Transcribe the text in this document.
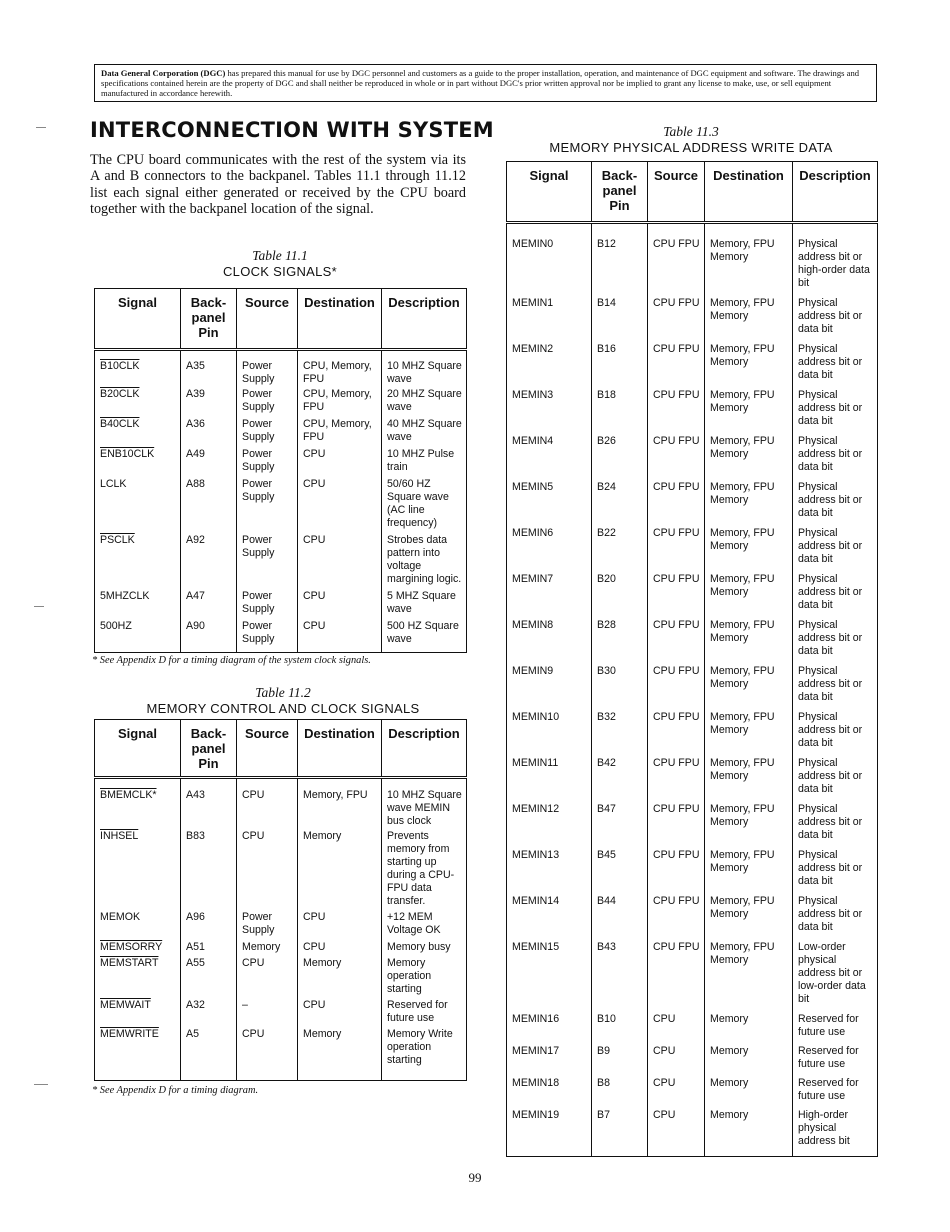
Data General Corporation (DGC) has prepared this manual for use by DGC personnel and customers as a guide to the proper installation, operation, and maintenance of DGC equipment and software. The drawings and specifications contained herein are the property of DGC and shall neither be reproduced in whole or in part without DGC's prior written approval nor be implied to grant any license to make, use, or sell equipment manufactured in accordance herewith.
INTERCONNECTION WITH SYSTEM

The CPU board communicates with the rest of the system via its A and B connectors to the backpanel. Tables 11.1 through 11.12 list each signal either generated or received by the CPU board together with the backpanel location of the signal.

Table 11.1
CLOCK SIGNALS*
Signal	Back-
panel
Pin	Source	Destination	Description
B10CLK	A35	Power Supply	CPU, Memory, FPU	10 MHZ Square wave
B20CLK	A39	Power Supply	CPU, Memory, FPU	20 MHZ Square wave
B40CLK	A36	Power Supply	CPU, Memory, FPU	40 MHZ Square wave
ENB10CLK	A49	Power Supply	CPU	10 MHZ Pulse train
LCLK	A88	Power Supply	CPU	50/60 HZ Square wave (AC line frequency)
PSCLK	A92	Power Supply	CPU	Strobes data pattern into voltage margining logic.
5MHZCLK	A47	Power Supply	CPU	5 MHZ Square wave
500HZ	A90	Power Supply	CPU	500 HZ Square wave

* See Appendix D for a timing diagram of the system clock signals.
Table 11.2
MEMORY CONTROL AND CLOCK SIGNALS
Signal	Back-
panel
Pin	Source	Destination	Description
BMEMCLK*	A43	CPU	Memory, FPU	10 MHZ Square wave MEMIN bus clock
INHSEL	B83	CPU	Memory	Prevents memory from starting up during a CPU-FPU data transfer.
MEMOK	A96	Power Supply	CPU	+12 MEM Voltage OK
MEMSORRY	A51	Memory	CPU	Memory busy
MEMSTART	A55	CPU	Memory	Memory operation starting
MEMWAIT	A32	–	CPU	Reserved for future use
MEMWRITE	A5	CPU	Memory	Memory Write operation starting

* See Appendix D for a timing diagram.
Table 11.3
MEMORY PHYSICAL ADDRESS WRITE DATA
Signal	Back-
panel
Pin	Source	Destination	Description
MEMIN0	B12	CPU FPU	Memory, FPU Memory	Physical address bit or high-order data bit
MEMIN1	B14	CPU FPU	Memory, FPU Memory	Physical address bit or data bit
MEMIN2	B16	CPU FPU	Memory, FPU Memory	Physical address bit or data bit
MEMIN3	B18	CPU FPU	Memory, FPU Memory	Physical address bit or data bit
MEMIN4	B26	CPU FPU	Memory, FPU Memory	Physical address bit or data bit
MEMIN5	B24	CPU FPU	Memory, FPU Memory	Physical address bit or data bit
MEMIN6	B22	CPU FPU	Memory, FPU Memory	Physical address bit or data bit
MEMIN7	B20	CPU FPU	Memory, FPU Memory	Physical address bit or data bit
MEMIN8	B28	CPU FPU	Memory, FPU Memory	Physical address bit or data bit
MEMIN9	B30	CPU FPU	Memory, FPU Memory	Physical address bit or data bit
MEMIN10	B32	CPU FPU	Memory, FPU Memory	Physical address bit or data bit
MEMIN11	B42	CPU FPU	Memory, FPU Memory	Physical address bit or data bit
MEMIN12	B47	CPU FPU	Memory, FPU Memory	Physical address bit or data bit
MEMIN13	B45	CPU FPU	Memory, FPU Memory	Physical address bit or data bit
MEMIN14	B44	CPU FPU	Memory, FPU Memory	Physical address bit or data bit
MEMIN15	B43	CPU FPU	Memory, FPU Memory	Low-order physical address bit or low-order data bit
MEMIN16	B10	CPU	Memory	Reserved for future use
MEMIN17	B9	CPU	Memory	Reserved for future use
MEMIN18	B8	CPU	Memory	Reserved for future use
MEMIN19	B7	CPU	Memory	High-order physical address bit

99
